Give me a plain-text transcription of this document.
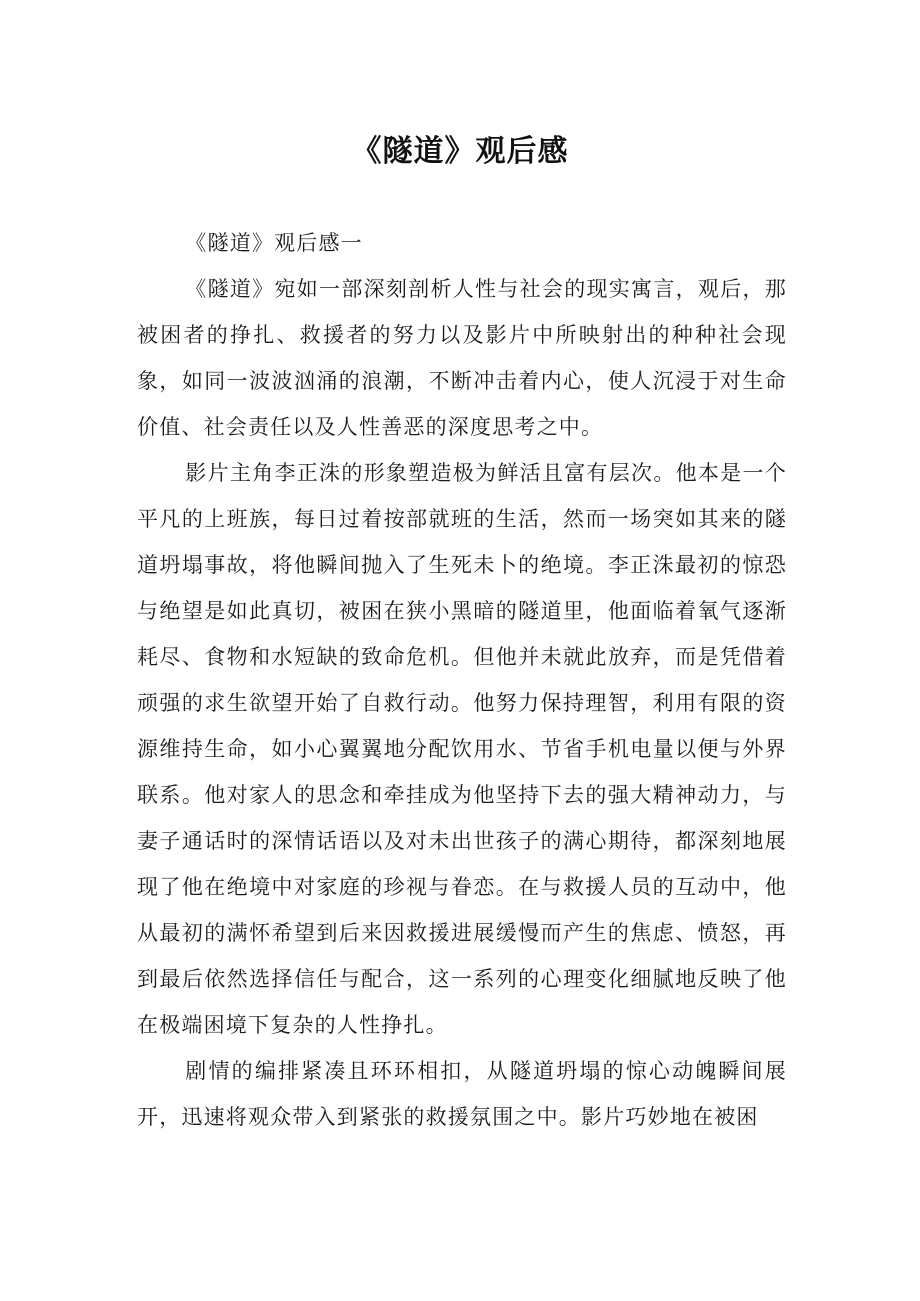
《隧道》观后感

《隧道》观后感一

《隧道》宛如一部深刻剖析人性与社会的现实寓言，观后，那被困者的挣扎、救援者的努力以及影片中所映射出的种种社会现象，如同一波波汹涌的浪潮，不断冲击着内心，使人沉浸于对生命价值、社会责任以及人性善恶的深度思考之中。

影片主角李正洙的形象塑造极为鲜活且富有层次。他本是一个平凡的上班族，每日过着按部就班的生活，然而一场突如其来的隧道坍塌事故，将他瞬间抛入了生死未卜的绝境。李正洙最初的惊恐与绝望是如此真切，被困在狭小黑暗的隧道里，他面临着氧气逐渐耗尽、食物和水短缺的致命危机。但他并未就此放弃，而是凭借着顽强的求生欲望开始了自救行动。他努力保持理智，利用有限的资源维持生命，如小心翼翼地分配饮用水、节省手机电量以便与外界联系。他对家人的思念和牵挂成为他坚持下去的强大精神动力，与妻子通话时的深情话语以及对未出世孩子的满心期待，都深刻地展现了他在绝境中对家庭的珍视与眷恋。在与救援人员的互动中，他从最初的满怀希望到后来因救援进展缓慢而产生的焦虑、愤怒，再到最后依然选择信任与配合，这一系列的心理变化细腻地反映了他在极端困境下复杂的人性挣扎。

剧情的编排紧凑且环环相扣，从隧道坍塌的惊心动魄瞬间展开，迅速将观众带入到紧张的救援氛围之中。影片巧妙地在被困
